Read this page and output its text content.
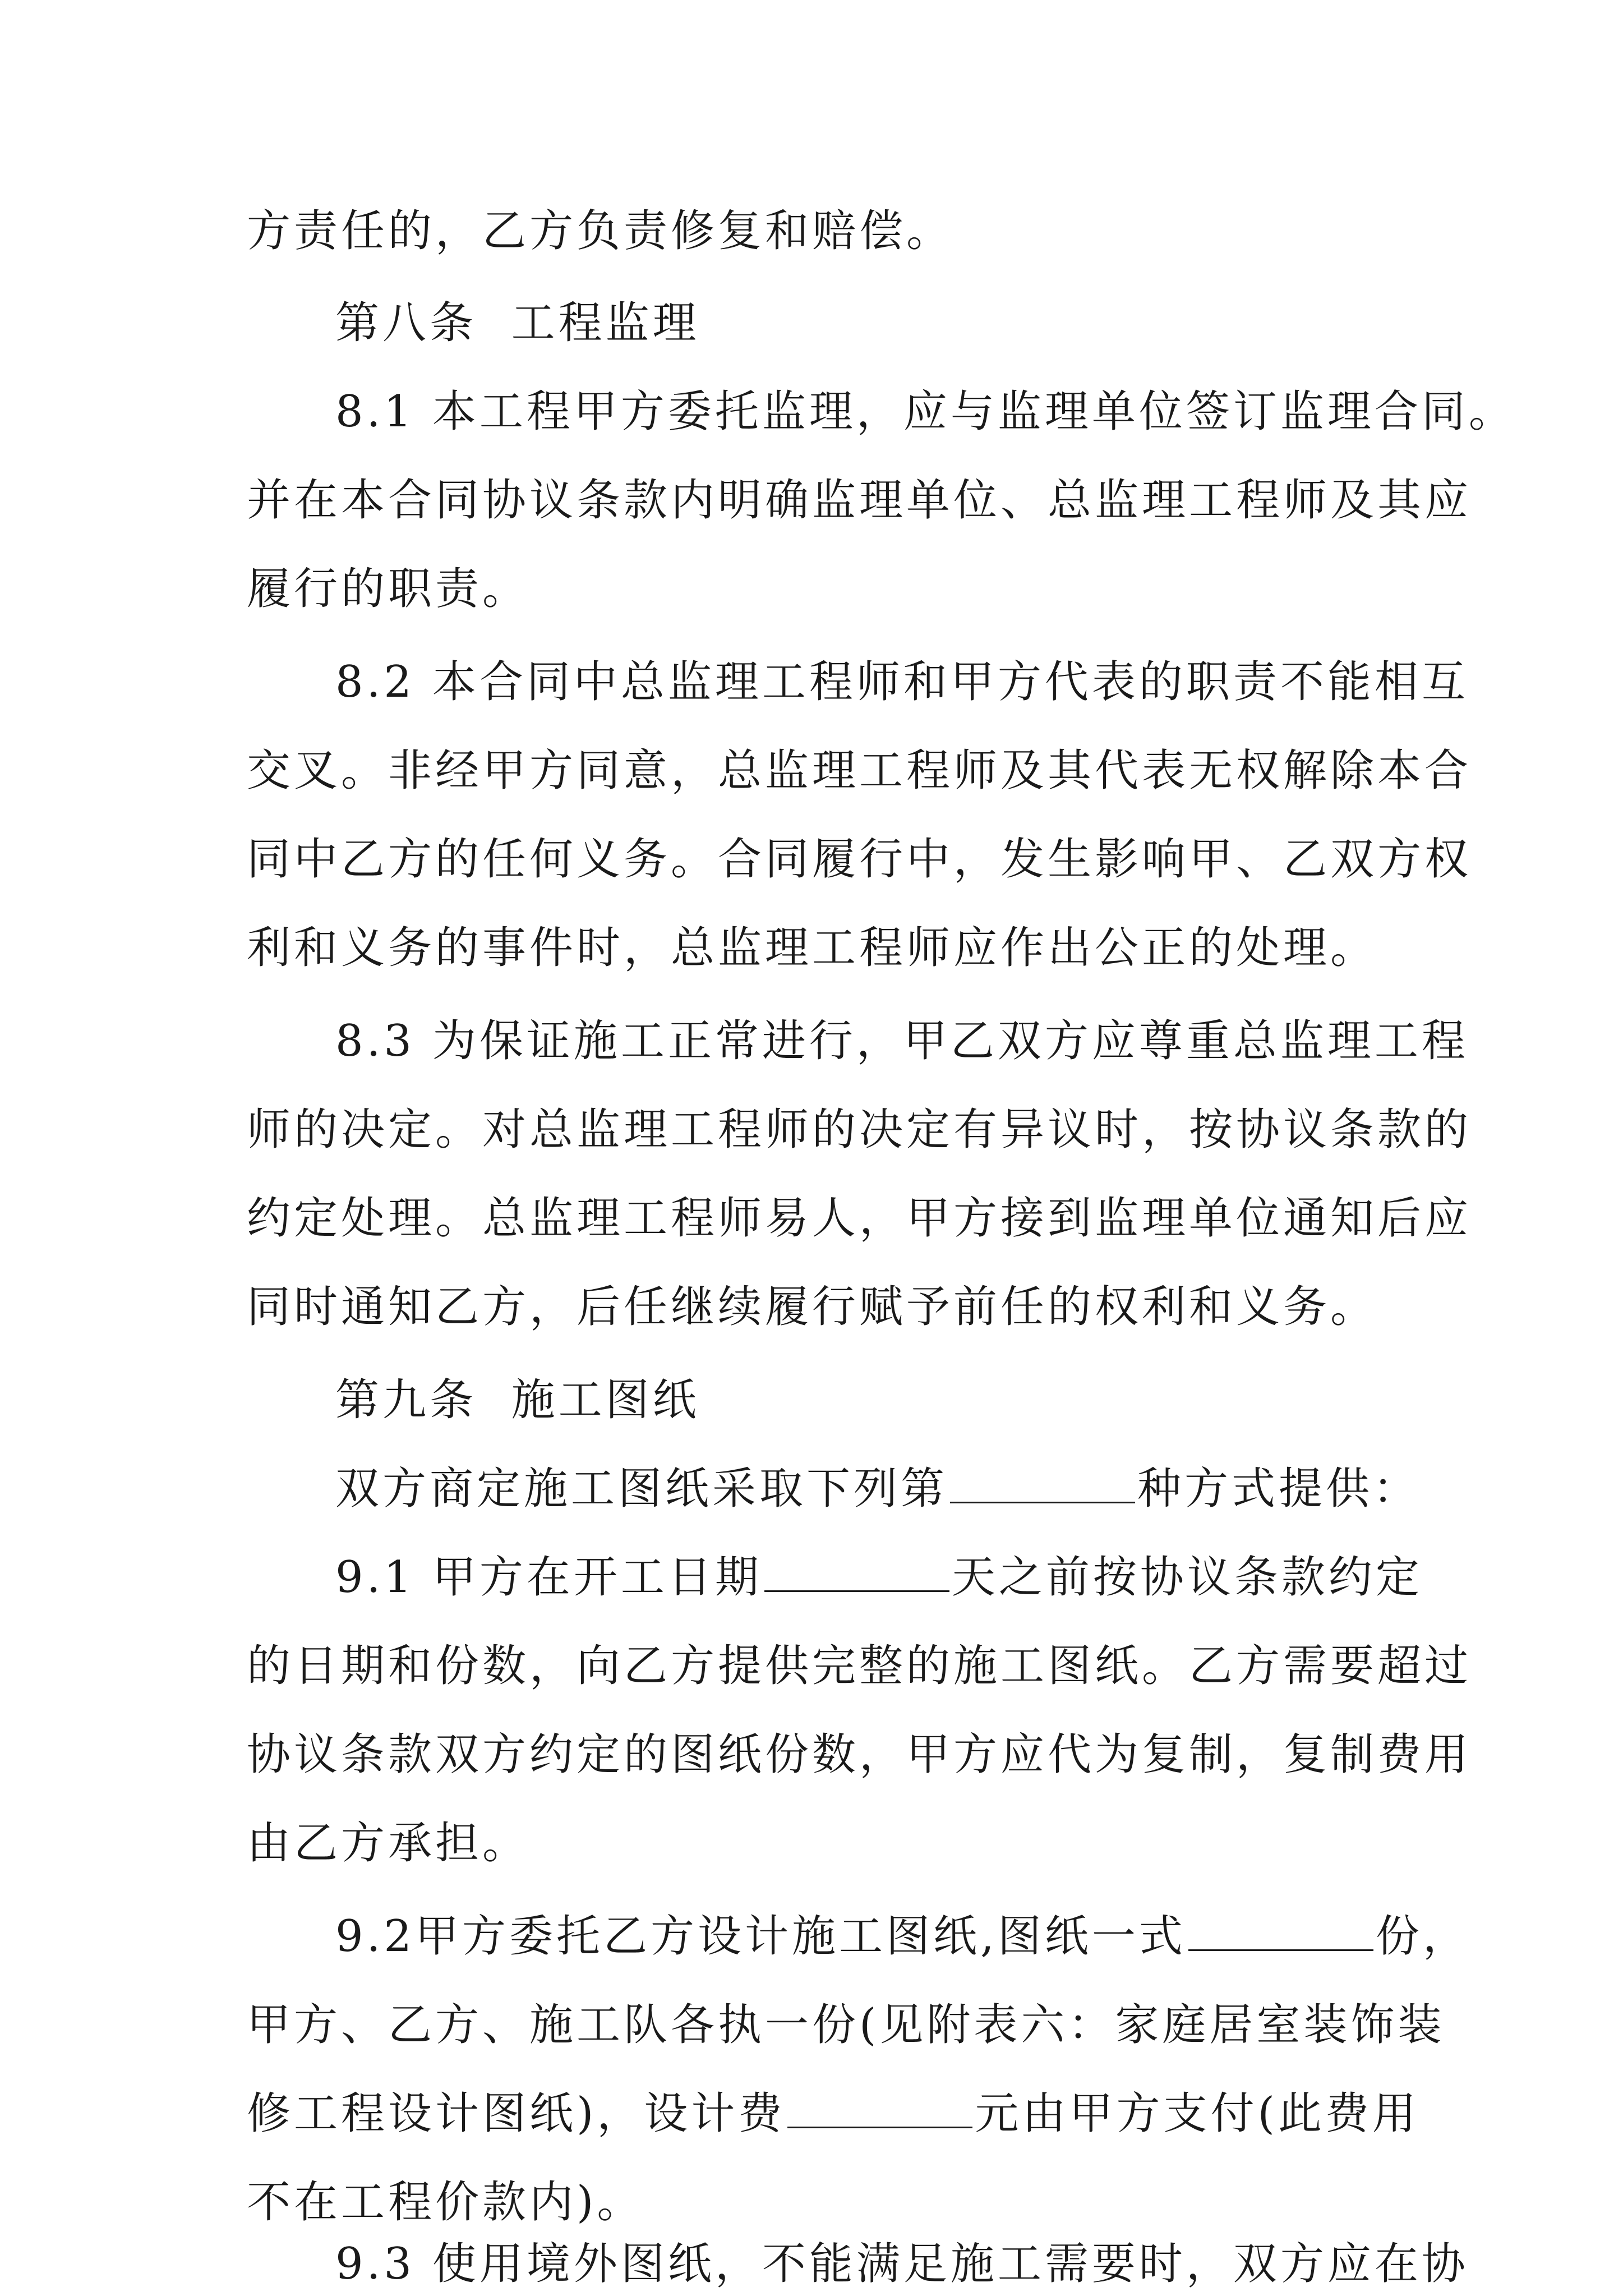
方责任的，乙方负责修复和赔偿。
第八条  工程监理
8.1 本工程甲方委托监理，应与监理单位签订监理合同。
并在本合同协议条款内明确监理单位、总监理工程师及其应
履行的职责。
8.2 本合同中总监理工程师和甲方代表的职责不能相互
交叉。非经甲方同意，总监理工程师及其代表无权解除本合
同中乙方的任何义务。合同履行中，发生影响甲、乙双方权
利和义务的事件时，总监理工程师应作出公正的处理。
8.3 为保证施工正常进行，甲乙双方应尊重总监理工程
师的决定。对总监理工程师的决定有异议时，按协议条款的
约定处理。总监理工程师易人，甲方接到监理单位通知后应
同时通知乙方，后任继续履行赋予前任的权利和义务。
第九条  施工图纸
双方商定施工图纸采取下列第	种方式提供：
9.1 甲方在开工日期	天之前按协议条款约定
的日期和份数，向乙方提供完整的施工图纸。乙方需要超过
协议条款双方约定的图纸份数，甲方应代为复制，复制费用
由乙方承担。
9.2甲方委托乙方设计施工图纸,图纸一式	份，
甲方、乙方、施工队各执一份(见附表六：家庭居室装饰装
修工程设计图纸)，设计费	元由甲方支付(此费用
不在工程价款内)。
9.3 使用境外图纸，不能满足施工需要时，双方应在协
